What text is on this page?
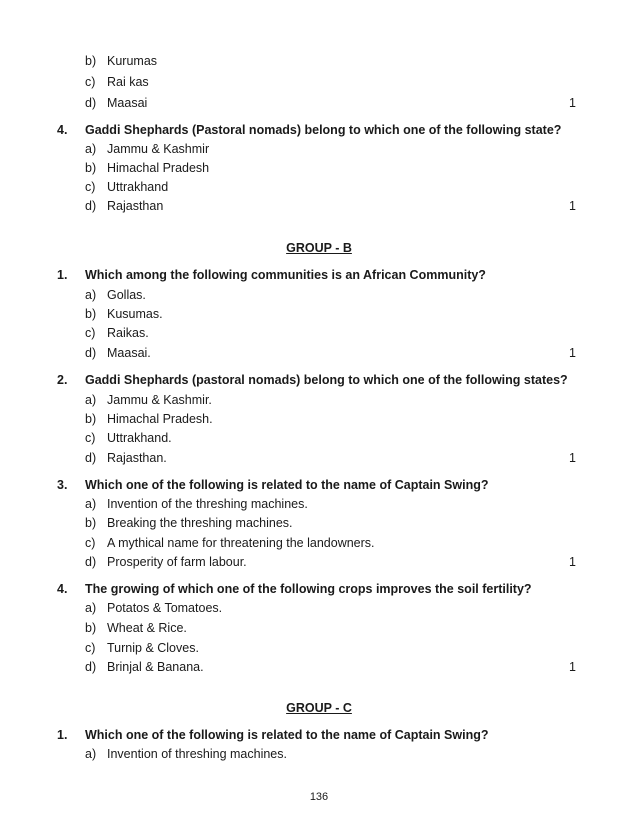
b) Kurumas
c) Rai kas
d) Maasai	1
4. Gaddi Shephards (Pastoral nomads) belong to which one of the following state?
a) Jammu & Kashmir
b) Himachal Pradesh
c) Uttrakhand
d) Rajasthan	1
GROUP - B
1. Which among the following communities is an African Community?
a) Gollas.
b) Kusumas.
c) Raikas.
d) Maasai.	1
2. Gaddi Shephards (pastoral nomads) belong to which one of the following states?
a) Jammu & Kashmir.
b) Himachal Pradesh.
c) Uttrakhand.
d) Rajasthan.	1
3. Which one of the following is related to the name of Captain Swing?
a) Invention of the threshing machines.
b) Breaking the threshing machines.
c) A mythical name for threatening the landowners.
d) Prosperity of farm labour.	1
4. The growing of which one of the following crops improves the soil fertility?
a) Potatos & Tomatoes.
b) Wheat & Rice.
c) Turnip & Cloves.
d) Brinjal & Banana.	1
GROUP - C
1. Which one of the following is related to the name of Captain Swing?
a) Invention of threshing machines.
136
